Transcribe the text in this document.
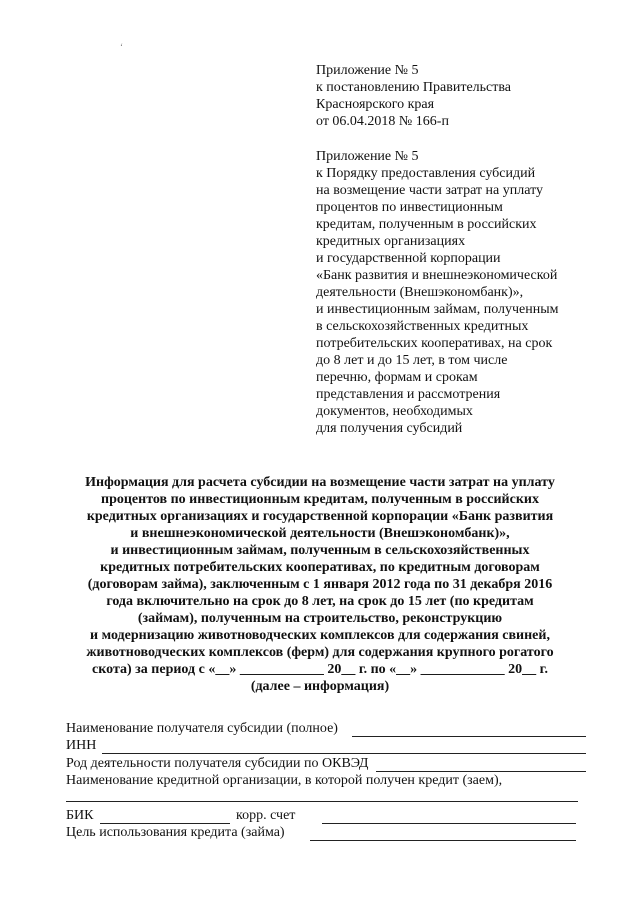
ʻ
Приложение № 5
к постановлению Правительства
Красноярского края
от 06.04.2018 № 166-п
Приложение № 5
к Порядку предоставления субсидий
на возмещение части затрат на уплату
процентов по инвестиционным
кредитам, полученным в российских
кредитных организациях
и государственной корпорации
«Банк развития и внешнеэкономической
деятельности (Внешэкономбанк)»,
и инвестиционным займам, полученным
в сельскохозяйственных кредитных
потребительских кооперативах, на срок
до 8 лет и до 15 лет, в том числе
перечню, формам и срокам
представления и рассмотрения
документов, необходимых
для получения субсидий
Информация для расчета субсидии на возмещение части затрат на уплату
процентов по инвестиционным кредитам, полученным в российских
кредитных организациях и государственной корпорации «Банк развития
и внешнеэкономической деятельности (Внешэкономбанк)»,
и инвестиционным займам, полученным в сельскохозяйственных
кредитных потребительских кооперативах, по кредитным договорам
(договорам займа), заключенным с 1 января 2012 года по 31 декабря 2016
года включительно на срок до 8 лет, на срок до 15 лет (по кредитам
(займам), полученным на строительство, реконструкцию
и модернизацию животноводческих комплексов для содержания свиней,
животноводческих комплексов (ферм) для содержания крупного рогатого
скота) за период с «__» ____________ 20__ г. по «__» ____________ 20__ г.
(далее – информация)
Наименование получателя субсидии (полное)
ИНН
Род деятельности получателя субсидии по ОКВЭД
Наименование кредитной организации, в которой получен кредит (заем),
БИК	корр. счет
Цель использования кредита (займа)
